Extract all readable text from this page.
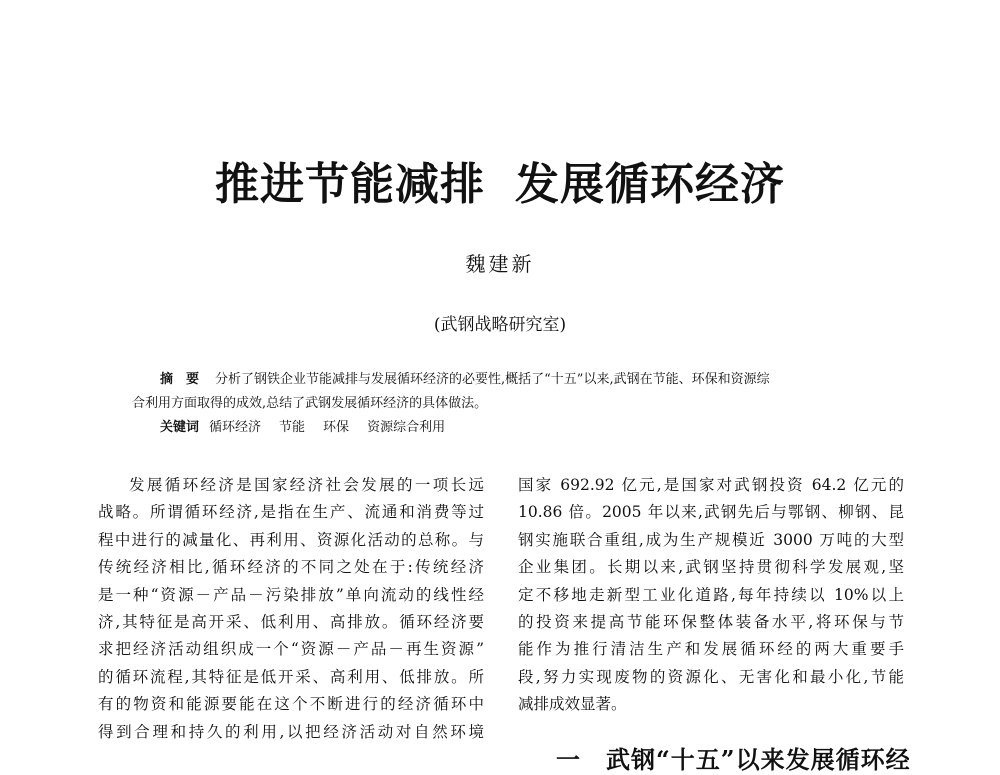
推进节能减排 发展循环经济
魏建新
(武钢战略研究室)
摘　要 分析了钢铁企业节能减排与发展循环经济的必要性,概括了“十五”以来,武钢在节能、环保和资源综
合利用方面取得的成效,总结了武钢发展循环经济的具体做法。
关键词 循环经济 节能 环保 资源综合利用
发展循环经济是国家经济社会发展的一项长远
战略。所谓循环经济,是指在生产、流通和消费等过
程中进行的减量化、再利用、资源化活动的总称。与
传统经济相比,循环经济的不同之处在于:传统经济
是一种“资源－产品－污染排放”单向流动的线性经
济,其特征是高开采、低利用、高排放。循环经济要
求把经济活动组织成一个“资源－产品－再生资源”
的循环流程,其特征是低开采、高利用、低排放。所
有的物资和能源要能在这个不断进行的经济循环中
得到合理和持久的利用,以把经济活动对自然环境
国家 692.92 亿元,是国家对武钢投资 64.2 亿元的
10.86 倍。2005 年以来,武钢先后与鄂钢、柳钢、昆
钢实施联合重组,成为生产规模近 3000 万吨的大型
企业集团。长期以来,武钢坚持贯彻科学发展观,坚
定不移地走新型工业化道路,每年持续以 10%以上
的投资来提高节能环保整体装备水平,将环保与节
能作为推行清洁生产和发展循环经的两大重要手
段,努力实现废物的资源化、无害化和最小化,节能
减排成效显著。
一　武钢“十五”以来发展循环经
